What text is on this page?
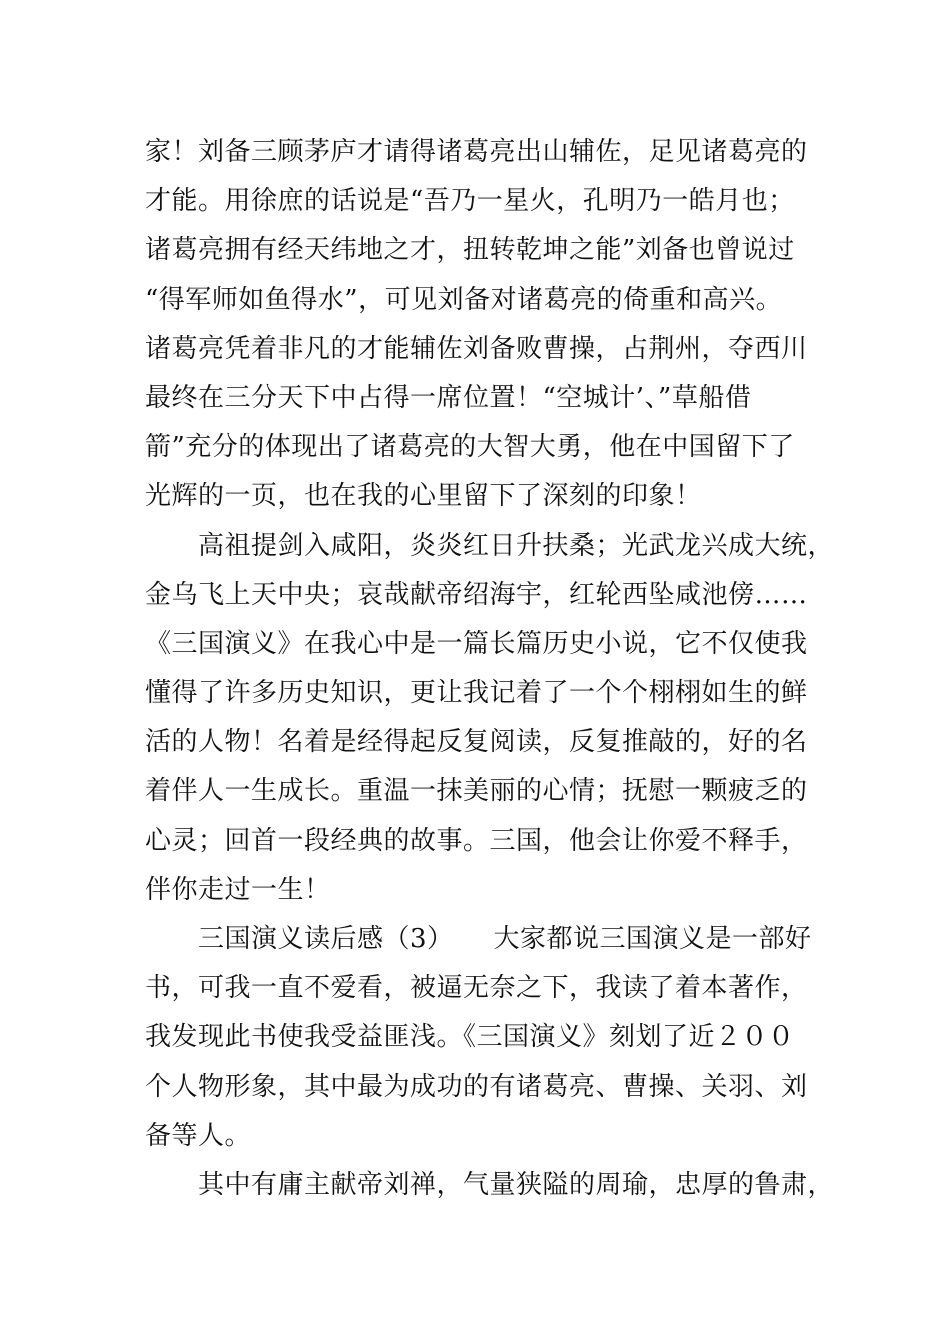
家！刘备三顾茅庐才请得诸葛亮出山辅佐，足见诸葛亮的
才能。用徐庶的话说是“吾乃一星火，孔明乃一皓月也；
诸葛亮拥有经天纬地之才，扭转乾坤之能”刘备也曾说过
“得军师如鱼得水”，可见刘备对诸葛亮的倚重和高兴。
诸葛亮凭着非凡的才能辅佐刘备败曹操，占荆州，夺西川
最终在三分天下中占得一席位置！“空城计’、”草船借
箭”充分的体现出了诸葛亮的大智大勇，他在中国留下了
光辉的一页，也在我的心里留下了深刻的印象！
　　高祖提剑入咸阳，炎炎红日升扶桑；光武龙兴成大统，
金乌飞上天中央；哀哉献帝绍海宇，红轮西坠咸池傍……
《三国演义》在我心中是一篇长篇历史小说，它不仅使我
懂得了许多历史知识，更让我记着了一个个栩栩如生的鲜
活的人物！名着是经得起反复阅读，反复推敲的，好的名
着伴人一生成长。重温一抹美丽的心情；抚慰一颗疲乏的
心灵；回首一段经典的故事。三国，他会让你爱不释手，
伴你走过一生！
　　三国演义读后感（3）　　大家都说三国演义是一部好
书，可我一直不爱看，被逼无奈之下，我读了着本著作，
我发现此书使我受益匪浅。《三国演义》刻划了近２００
个人物形象，其中最为成功的有诸葛亮、曹操、关羽、刘
备等人。
　　其中有庸主献帝刘禅，气量狭隘的周瑜，忠厚的鲁肃，
